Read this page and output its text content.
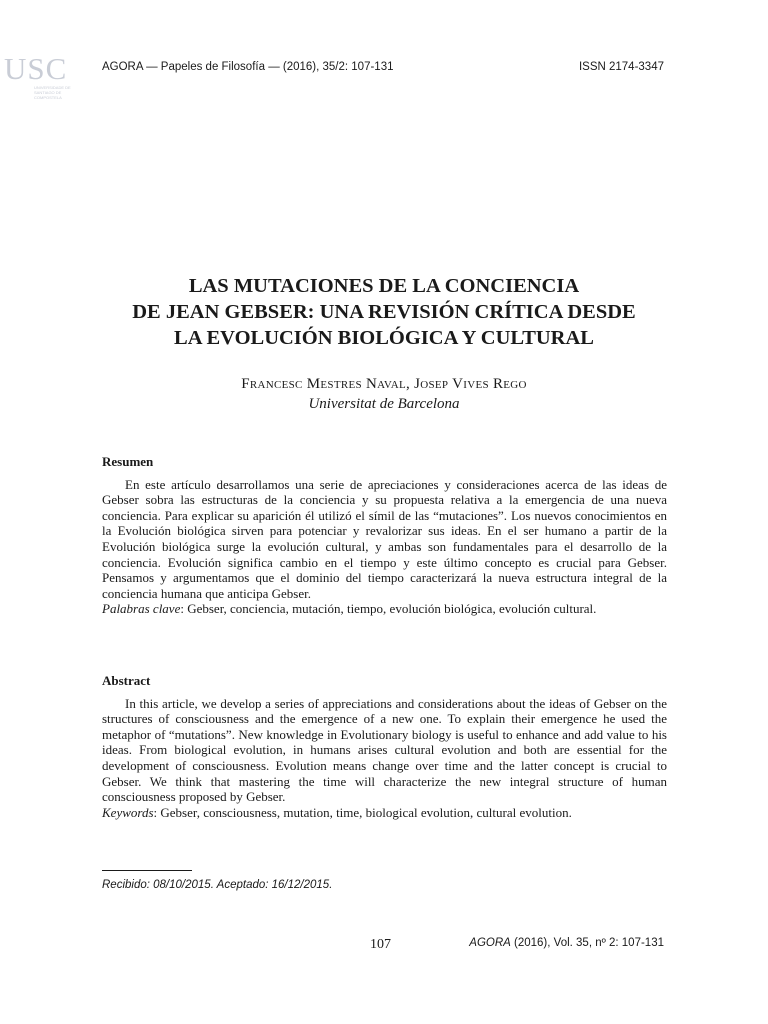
USC
UNIVERSIDADE DE SANTIAGO DE COMPOSTELA
AGORA — Papeles de Filosofía — (2016), 35/2: 107-131	ISSN 2174-3347
LAS MUTACIONES DE LA CONCIENCIA
DE JEAN GEBSER: UNA REVISIÓN CRÍTICA DESDE
LA EVOLUCIÓN BIOLÓGICA Y CULTURAL
Francesc Mestres Naval, Josep Vives Rego
Universitat de Barcelona
Resumen

En este artículo desarrollamos una serie de apreciaciones y consideraciones acerca de las ideas de Gebser sobra las estructuras de la conciencia y su propuesta relativa a la emergencia de una nueva conciencia. Para explicar su aparición él utilizó el símil de las “mutaciones”. Los nuevos conocimientos en la Evolución biológica sirven para potenciar y revalorizar sus ideas. En el ser humano a partir de la Evolución biológica surge la evolución cultural, y ambas son fundamentales para el desarrollo de la conciencia. Evolución significa cambio en el tiempo y este último concepto es crucial para Gebser. Pensamos y argumentamos que el dominio del tiempo caracterizará la nueva estructura integral de la conciencia humana que anticipa Gebser.

Palabras clave: Gebser, conciencia, mutación, tiempo, evolución biológica, evolución cultural.
Abstract

In this article, we develop a series of appreciations and considerations about the ideas of Gebser on the structures of consciousness and the emergence of a new one. To explain their emergence he used the metaphor of “mutations”. New knowledge in Evolutionary biology is useful to enhance and add value to his ideas. From biological evolution, in humans arises cultural evolution and both are essential for the development of consciousness. Evolution means change over time and the latter concept is crucial to Gebser. We think that mastering the time will characterize the new integral structure of human consciousness proposed by Gebser.

Keywords: Gebser, consciousness, mutation, time, biological evolution, cultural evolution.
Recibido: 08/10/2015. Aceptado: 16/12/2015.
107	AGORA (2016), Vol. 35, nº 2: 107-131
